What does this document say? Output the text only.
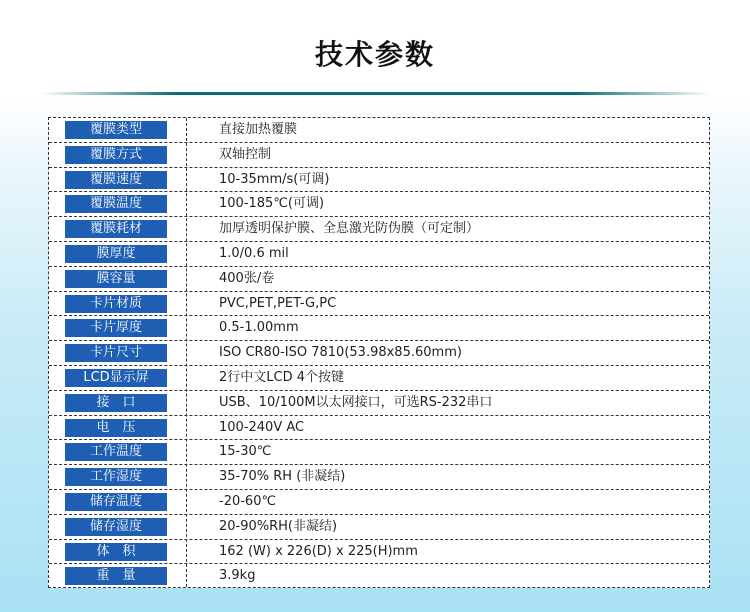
技术参数
覆膜类型	直接加热覆膜
覆膜方式	双轴控制
覆膜速度	10-35mm/s(可调)
覆膜温度	100-185℃(可调)
覆膜耗材	加厚透明保护膜、全息激光防伪膜（可定制）
膜厚度	1.0/0.6 mil
膜容量	400张/卷
卡片材质	PVC,PET,PET-G,PC
卡片厚度	0.5-1.00mm
卡片尺寸	ISO CR80-ISO 7810(53.98x85.60mm)
LCD显示屏	2行中文LCD 4个按键
接　口	USB、10/100M以太网接口，可选RS-232串口
电　压	100-240V AC
工作温度	15-30℃
工作湿度	35-70% RH (非凝结)
储存温度	-20-60℃
储存湿度	20-90%RH(非凝结)
体　积	162 (W) x 226(D) x 225(H)mm
重　量	3.9kg
